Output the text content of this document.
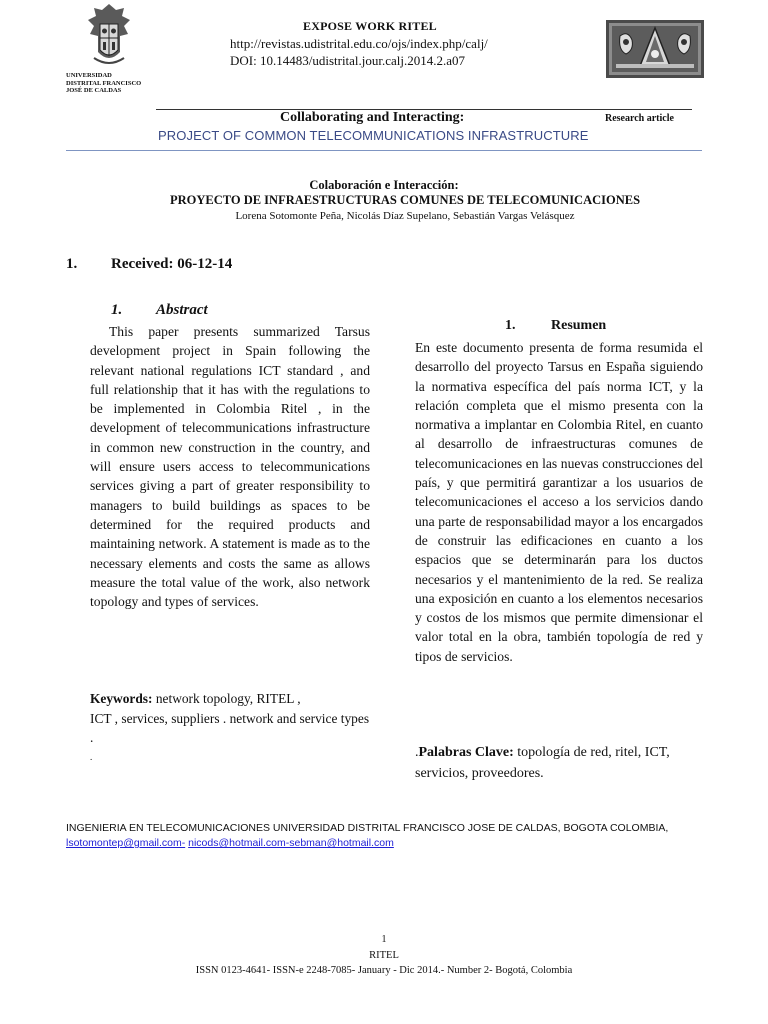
UNIVERSIDAD DISTRITAL FRANCISCO JOSÉ DE CALDAS
EXPOSE WORK RITEL
http://revistas.udistrital.edu.co/ojs/index.php/calj/
DOI: 10.14483/udistrital.jour.calj.2014.2.a07
Collaborating and Interacting:	Research article
PROJECT OF COMMON TELECOMMUNICATIONS INFRASTRUCTURE
Colaboración e Interacción:
PROYECTO DE INFRAESTRUCTURAS COMUNES DE TELECOMUNICACIONES
Lorena Sotomonte Peña, Nicolás Díaz Supelano, Sebastián Vargas Velásquez
1. Received: 06-12-14
1. Abstract
This paper presents summarized Tarsus development project in Spain following the relevant national regulations ICT standard , and full relationship that it has with the regulations to be implemented in Colombia Ritel , in the development of telecommunications infrastructure in common new construction in the country, and will ensure users access to telecommunications services giving a part of greater responsibility to managers to build buildings as spaces to be determined for the required products and maintaining network. A statement is made as to the necessary elements and costs the same as allows measure the total value of the work, also network topology and types of services.
Keywords: network topology, RITEL ,
ICT , services, suppliers . network and service types .
.
1.	Resumen
En este documento presenta de forma resumida el desarrollo del proyecto Tarsus en España siguiendo la normativa específica del país norma ICT, y la relación completa que el mismo presenta con la normativa a implantar en Colombia Ritel, en cuanto al desarrollo de infraestructuras comunes de telecomunicaciones en las nuevas construcciones del país, y que permitirá garantizar a los usuarios de telecomunicaciones el acceso a los servicios dando una parte de responsabilidad mayor a los encargados de construir las edificaciones en cuanto a los espacios que se determinarán para los ductos necesarios y el mantenimiento de la red. Se realiza una exposición en cuanto a los elementos necesarios y costos de los mismos que permite dimensionar el valor total en la obra, también topología de red y tipos de servicios.
.Palabras Clave: topología de red, ritel, ICT, servicios, proveedores.
INGENIERIA EN TELECOMUNICACIONES UNIVERSIDAD DISTRITAL FRANCISCO JOSE DE CALDAS, BOGOTA COLOMBIA,
lsotomontep@gmail.com- nicods@hotmail.com-sebman@hotmail.com
1
RITEL
ISSN 0123-4641- ISSN-e 2248-7085- January - Dic 2014.- Number 2- Bogotá, Colombia
